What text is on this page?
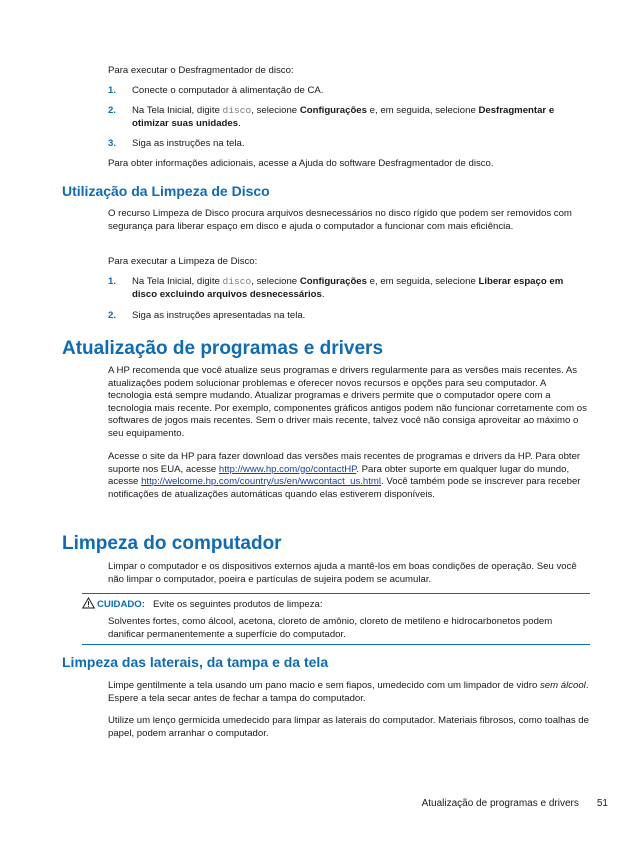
Para executar o Desfragmentador de disco:

1. Conecte o computador à alimentação de CA.
2. Na Tela Inicial, digite disco, selecione Configurações e, em seguida, selecione Desfragmentar e otimizar suas unidades.
3. Siga as instruções na tela.

Para obter informações adicionais, acesse a Ajuda do software Desfragmentador de disco.

Utilização da Limpeza de Disco

O recurso Limpeza de Disco procura arquivos desnecessários no disco rígido que podem ser removidos com segurança para liberar espaço em disco e ajuda o computador a funcionar com mais eficiência.

Para executar a Limpeza de Disco:

1. Na Tela Inicial, digite disco, selecione Configurações e, em seguida, selecione Liberar espaço em disco excluindo arquivos desnecessários.
2. Siga as instruções apresentadas na tela.
Atualização de programas e drivers

A HP recomenda que você atualize seus programas e drivers regularmente para as versões mais recentes. As atualizações podem solucionar problemas e oferecer novos recursos e opções para seu computador. A tecnologia está sempre mudando. Atualizar programas e drivers permite que o computador opere com a tecnologia mais recente. Por exemplo, componentes gráficos antigos podem não funcionar corretamente com os softwares de jogos mais recentes. Sem o driver mais recente, talvez você não consiga aproveitar ao máximo o seu equipamento.

Acesse o site da HP para fazer download das versões mais recentes de programas e drivers da HP. Para obter suporte nos EUA, acesse http://www.hp.com/go/contactHP. Para obter suporte em qualquer lugar do mundo, acesse http://welcome.hp.com/country/us/en/wwcontact_us.html. Você também pode se inscrever para receber notificações de atualizações automáticas quando elas estiverem disponíveis.

Limpeza do computador

Limpar o computador e os dispositivos externos ajuda a mantê-los em boas condições de operação. Seu você não limpar o computador, poeira e partículas de sujeira podem se acumular.

CUIDADO: Evite os seguintes produtos de limpeza:

Solventes fortes, como álcool, acetona, cloreto de amônio, cloreto de metileno e hidrocarbonetos podem danificar permanentemente a superfície do computador.

Limpeza das laterais, da tampa e da tela

Limpe gentilmente a tela usando um pano macio e sem fiapos, umedecido com um limpador de vidro sem álcool. Espere a tela secar antes de fechar a tampa do computador.

Utilize um lenço germicida umedecido para limpar as laterais do computador. Materiais fibrosos, como toalhas de papel, podem arranhar o computador.

Atualização de programas e drivers 51
